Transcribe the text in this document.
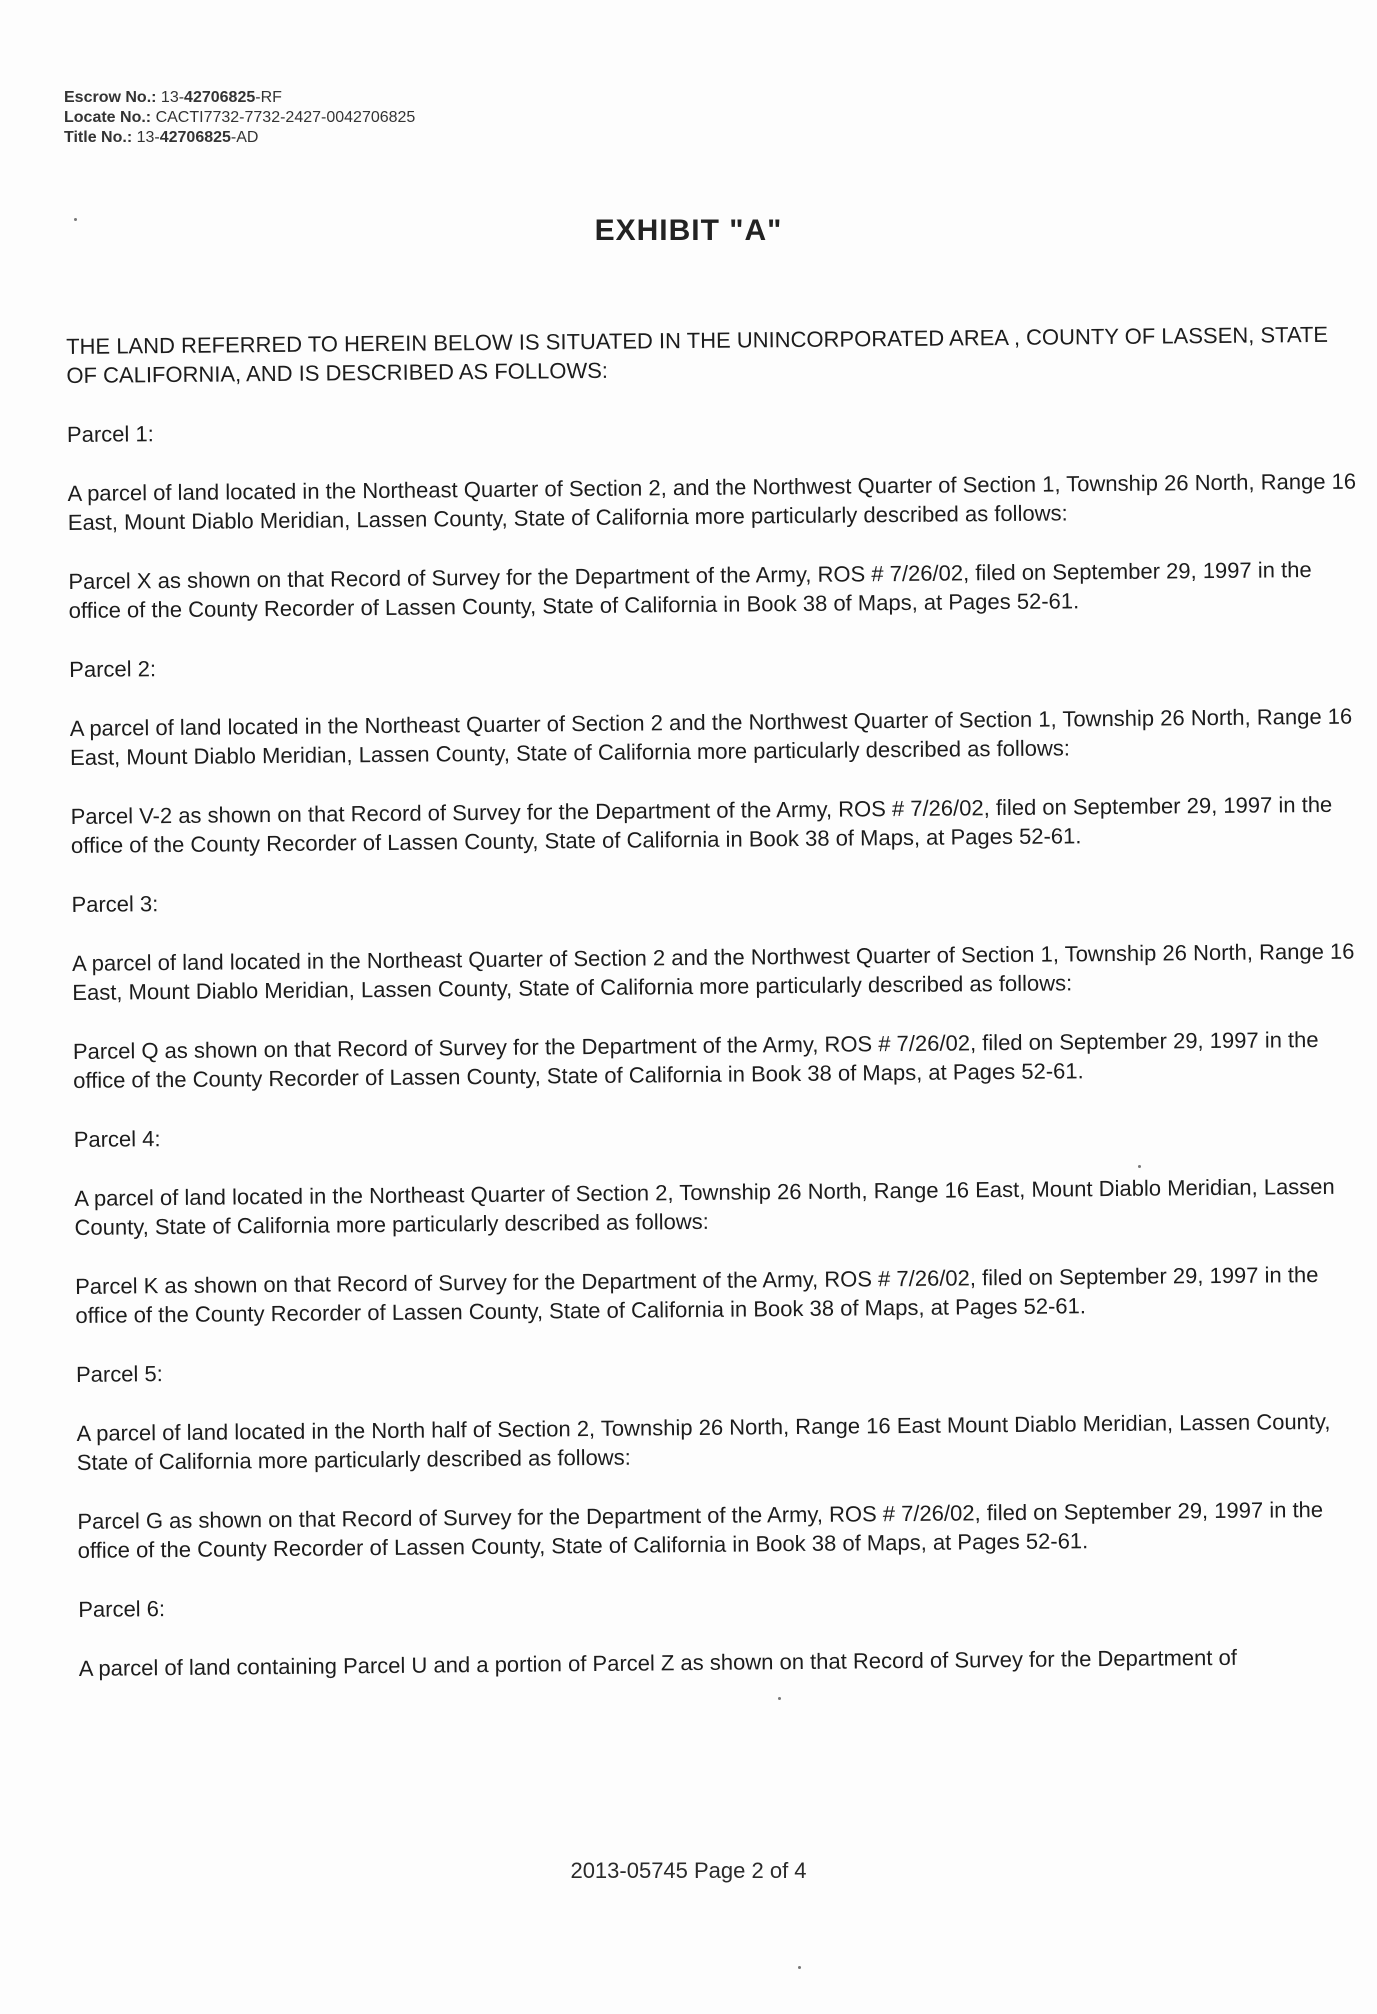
Escrow No.: 13-42706825-RF
Locate No.: CACTI7732-7732-2427-0042706825
Title No.: 13-42706825-AD
EXHIBIT "A"

THE LAND REFERRED TO HEREIN BELOW IS SITUATED IN THE UNINCORPORATED AREA , COUNTY OF LASSEN, STATE OF CALIFORNIA, AND IS DESCRIBED AS FOLLOWS:

Parcel 1:

A parcel of land located in the Northeast Quarter of Section 2, and the Northwest Quarter of Section 1, Township 26 North, Range 16 East, Mount Diablo Meridian, Lassen County, State of California more particularly described as follows:

Parcel X as shown on that Record of Survey for the Department of the Army, ROS # 7/26/02, filed on September 29, 1997 in the office of the County Recorder of Lassen County, State of California in Book 38 of Maps, at Pages 52-61.

Parcel 2:

A parcel of land located in the Northeast Quarter of Section 2 and the Northwest Quarter of Section 1, Township 26 North, Range 16 East, Mount Diablo Meridian, Lassen County, State of California more particularly described as follows:

Parcel V-2 as shown on that Record of Survey for the Department of the Army, ROS # 7/26/02, filed on September 29, 1997 in the office of the County Recorder of Lassen County, State of California in Book 38 of Maps, at Pages 52-61.

Parcel 3:

A parcel of land located in the Northeast Quarter of Section 2 and the Northwest Quarter of Section 1, Township 26 North, Range 16 East, Mount Diablo Meridian, Lassen County, State of California more particularly described as follows:

Parcel Q as shown on that Record of Survey for the Department of the Army, ROS # 7/26/02, filed on September 29, 1997 in the office of the County Recorder of Lassen County, State of California in Book 38 of Maps, at Pages 52-61.

Parcel 4:

A parcel of land located in the Northeast Quarter of Section 2, Township 26 North, Range 16 East, Mount Diablo Meridian, Lassen County, State of California more particularly described as follows:

Parcel K as shown on that Record of Survey for the Department of the Army, ROS # 7/26/02, filed on September 29, 1997 in the office of the County Recorder of Lassen County, State of California in Book 38 of Maps, at Pages 52-61.

Parcel 5:

A parcel of land located in the North half of Section 2, Township 26 North, Range 16 East Mount Diablo Meridian, Lassen County, State of California more particularly described as follows:

Parcel G as shown on that Record of Survey for the Department of the Army, ROS # 7/26/02, filed on September 29, 1997 in the office of the County Recorder of Lassen County, State of California in Book 38 of Maps, at Pages 52-61.

Parcel 6:

A parcel of land containing Parcel U and a portion of Parcel Z as shown on that Record of Survey for the Department of

2013-05745 Page 2 of 4
